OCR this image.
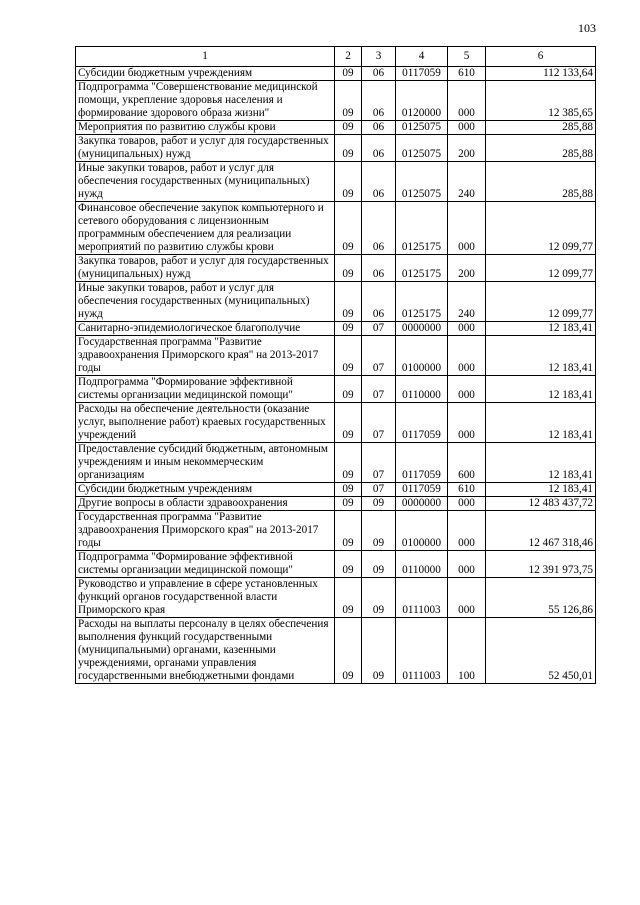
103
1	2	3	4	5	6
Субсидии бюджетным учреждениям	09	06	0117059	610	112 133,64
Подпрограмма "Совершенствование медицинской помощи, укрепление здоровья населения и формирование здорового образа жизни"	09	06	0120000	000	12 385,65
Мероприятия по развитию службы крови	09	06	0125075	000	285,88
Закупка товаров, работ и услуг для государственных (муниципальных) нужд	09	06	0125075	200	285,88
Иные закупки товаров, работ и услуг для обеспечения государственных (муниципальных) нужд	09	06	0125075	240	285,88
Финансовое обеспечение закупок компьютерного и сетевого оборудования с лицензионным программным обеспечением для реализации мероприятий по развитию службы крови	09	06	0125175	000	12 099,77
Закупка товаров, работ и услуг для государственных (муниципальных) нужд	09	06	0125175	200	12 099,77
Иные закупки товаров, работ и услуг для обеспечения государственных (муниципальных) нужд	09	06	0125175	240	12 099,77
Санитарно-эпидемиологическое благополучие	09	07	0000000	000	12 183,41
Государственная программа "Развитие здравоохранения Приморского края" на 2013-2017 годы	09	07	0100000	000	12 183,41
Подпрограмма "Формирование эффективной системы организации медицинской помощи"	09	07	0110000	000	12 183,41
Расходы на обеспечение деятельности (оказание услуг, выполнение работ) краевых государственных учреждений	09	07	0117059	000	12 183,41
Предоставление субсидий бюджетным, автономным учреждениям и иным некоммерческим организациям	09	07	0117059	600	12 183,41
Субсидии бюджетным учреждениям	09	07	0117059	610	12 183,41
Другие вопросы в области здравоохранения	09	09	0000000	000	12 483 437,72
Государственная программа "Развитие здравоохранения Приморского края" на 2013-2017 годы	09	09	0100000	000	12 467 318,46
Подпрограмма "Формирование эффективной системы организации медицинской помощи"	09	09	0110000	000	12 391 973,75
Руководство и управление в сфере установленных функций органов государственной власти Приморского края	09	09	0111003	000	55 126,86
Расходы на выплаты персоналу в целях обеспечения выполнения функций государственными (муниципальными) органами, казенными учреждениями, органами управления государственными внебюджетными фондами	09	09	0111003	100	52 450,01
